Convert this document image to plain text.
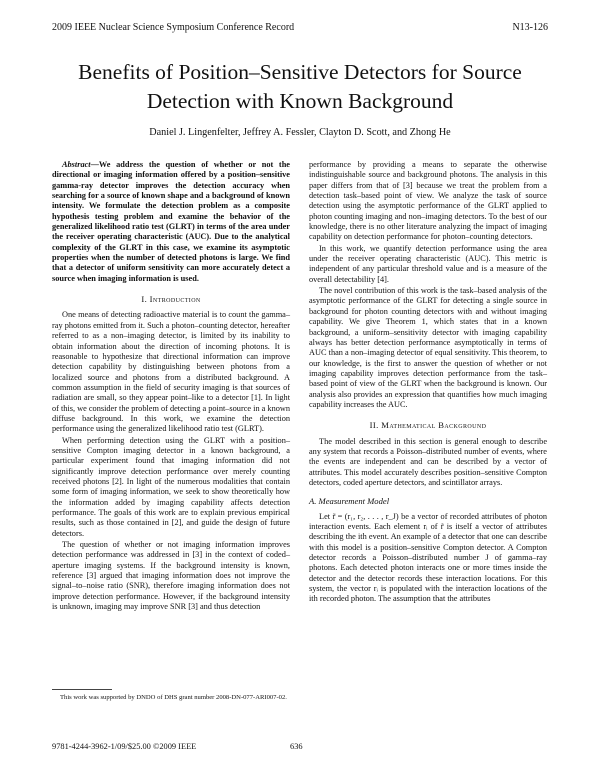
2009 IEEE Nuclear Science Symposium Conference Record	N13-126
Benefits of Position–Sensitive Detectors for Source
Detection with Known Background
Daniel J. Lingenfelter, Jeffrey A. Fessler, Clayton D. Scott, and Zhong He

Abstract—We address the question of whether or not the directional or imaging information offered by a position–sensitive gamma-ray detector improves the detection accuracy when searching for a source of known shape and a background of known intensity. We formulate the detection problem as a composite hypothesis testing problem and examine the behavior of the generalized likelihood ratio test (GLRT) in terms of the area under the receiver operating characteristic (AUC). Due to the analytical complexity of the GLRT in this case, we examine its asymptotic properties when the number of detected photons is large. We find that a detector of uniform sensitivity can more accurately detect a source when imaging information is used.

I. Introduction

One means of detecting radioactive material is to count the gamma–ray photons emitted from it. Such a photon–counting detector, hereafter referred to as a non–imaging detector, is limited by its inability to obtain information about the direction of incoming photons. It is reasonable to hypothesize that directional information can improve detection capability by distinguishing between photons from a localized source and photons from a distributed background. A common assumption in the field of security imaging is that sources of radiation are small, so they appear point–like to a detector [1]. In light of this, we consider the problem of detecting a point–source in a known diffuse background. In this work, we examine the detection performance using the generalized likelihood ratio test (GLRT).

When performing detection using the GLRT with a position–sensitive Compton imaging detector in a known background, a particular experiment found that imaging information did not significantly improve detection performance over merely counting received photons [2]. In light of the numerous modalities that contain some form of imaging information, we seek to show theoretically how the information added by imaging capability affects detection performance. The goals of this work are to explain previous empirical results, such as those contained in [2], and guide the design of future detectors.

The question of whether or not imaging information improves detection performance was addressed in [3] in the context of coded–aperture imaging systems. If the background intensity is known, reference [3] argued that imaging information does not improve the signal–to–noise ratio (SNR), therefore imaging information does not improve detection performance. However, if the background intensity is unknown, imaging may improve SNR [3] and thus detection

performance by providing a means to separate the otherwise indistinguishable source and background photons. The analysis in this paper differs from that of [3] because we treat the problem from a detection task–based point of view. We analyze the task of source detection using the asymptotic performance of the GLRT applied to photon counting imaging and non–imaging detectors. To the best of our knowledge, there is no other literature analyzing the impact of imaging capability on detection performance for photon–counting detectors.

In this work, we quantify detection performance using the area under the receiver operating characteristic (AUC). This metric is independent of any particular threshold value and is a measure of the overall detectability [4].

The novel contribution of this work is the task–based analysis of the asymptotic performance of the GLRT for detecting a single source in background for photon counting detectors with and without imaging capability. We give Theorem 1, which states that in a known background, a uniform–sensitivity detector with imaging capability always has better detection performance asymptotically in terms of AUC than a non–imaging detector of equal sensitivity. This theorem, to our knowledge, is the first to answer the question of whether or not imaging capability improves detection performance from the task–based point of view of the GLRT when the background is known. Our analysis also provides an expression that quantifies how much imaging capability increases the AUC.

II. Mathematical Background

The model described in this section is general enough to describe any system that records a Poisson–distributed number of events, where the events are independent and can be described by a vector of attributes. This model accurately describes position–sensitive Compton detectors, coded aperture detectors, and scintillator arrays.

A. Measurement Model

Let r̃ = (r₁, r₂, . . . , r_J) be a vector of recorded attributes of photon interaction events. Each element rᵢ of r̃ is itself a vector of attributes describing the ith event. An example of a detector that one can describe with this model is a position–sensitive Compton detector. A Compton detector records a Poisson–distributed number J of gamma–ray photons. Each detected photon interacts one or more times inside the detector and the detector records these interaction locations. For this system, the vector rᵢ is populated with the interaction locations of the ith recorded photon. The assumption that the attributes

This work was supported by DNDO of DHS grant number 2008-DN-077-ARI007-02.
9781-4244-3962-1/09/$25.00 ©2009 IEEE	636
